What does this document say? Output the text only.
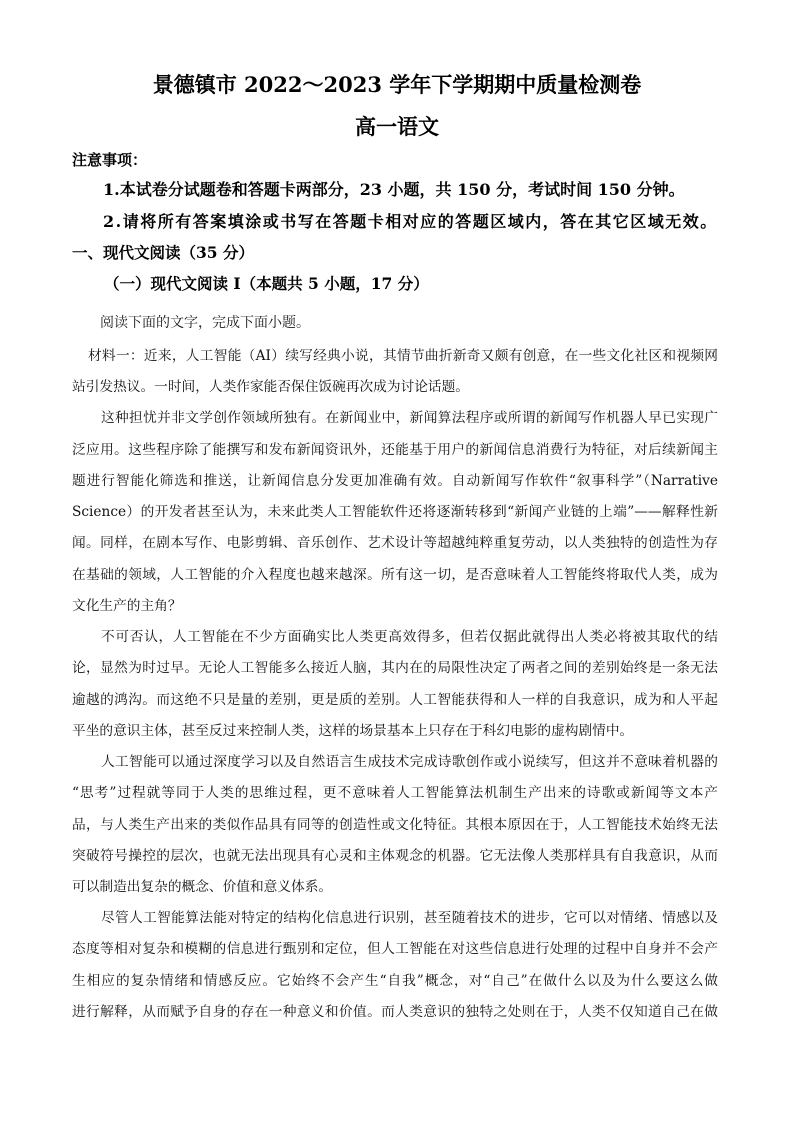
景德镇市 2022～2023 学年下学期期中质量检测卷
高一语文
注意事项：
1.本试卷分试题卷和答题卡两部分，23 小题，共 150 分，考试时间 150 分钟。
2.请将所有答案填涂或书写在答题卡相对应的答题区域内，答在其它区域无效。
一、现代文阅读（35 分）
（一）现代文阅读 I（本题共 5 小题，17 分）
阅读下面的文字，完成下面小题。
材料一：近来，人工智能（AI）续写经典小说，其情节曲折新奇又颇有创意，在一些文化社区和视频网
站引发热议。一时间，人类作家能否保住饭碗再次成为讨论话题。
这种担忧并非文学创作领域所独有。在新闻业中，新闻算法程序或所谓的新闻写作机器人早已实现广
泛应用。这些程序除了能撰写和发布新闻资讯外，还能基于用户的新闻信息消费行为特征，对后续新闻主
题进行智能化筛选和推送，让新闻信息分发更加准确有效。自动新闻写作软件“叙事科学”（Narrative
Science）的开发者甚至认为，未来此类人工智能软件还将逐渐转移到“新闻产业链的上端”——解释性新
闻。同样，在剧本写作、电影剪辑、音乐创作、艺术设计等超越纯粹重复劳动，以人类独特的创造性为存
在基础的领域，人工智能的介入程度也越来越深。所有这一切，是否意味着人工智能终将取代人类，成为
文化生产的主角？
不可否认，人工智能在不少方面确实比人类更高效得多，但若仅据此就得出人类必将被其取代的结
论，显然为时过早。无论人工智能多么接近人脑，其内在的局限性决定了两者之间的差别始终是一条无法
逾越的鸿沟。而这绝不只是量的差别，更是质的差别。人工智能获得和人一样的自我意识，成为和人平起
平坐的意识主体，甚至反过来控制人类，这样的场景基本上只存在于科幻电影的虚构剧情中。
人工智能可以通过深度学习以及自然语言生成技术完成诗歌创作或小说续写，但这并不意味着机器的
“思考”过程就等同于人类的思维过程，更不意味着人工智能算法机制生产出来的诗歌或新闻等文本产
品，与人类生产出来的类似作品具有同等的创造性或文化特征。其根本原因在于，人工智能技术始终无法
突破符号操控的层次，也就无法出现具有心灵和主体观念的机器。它无法像人类那样具有自我意识，从而
可以制造出复杂的概念、价值和意义体系。
尽管人工智能算法能对特定的结构化信息进行识别，甚至随着技术的进步，它可以对情绪、情感以及
态度等相对复杂和模糊的信息进行甄别和定位，但人工智能在对这些信息进行处理的过程中自身并不会产
生相应的复杂情绪和情感反应。它始终不会产生“自我”概念，对“自己”在做什么以及为什么要这么做
进行解释，从而赋予自身的存在一种意义和价值。而人类意识的独特之处则在于，人类不仅知道自己在做
